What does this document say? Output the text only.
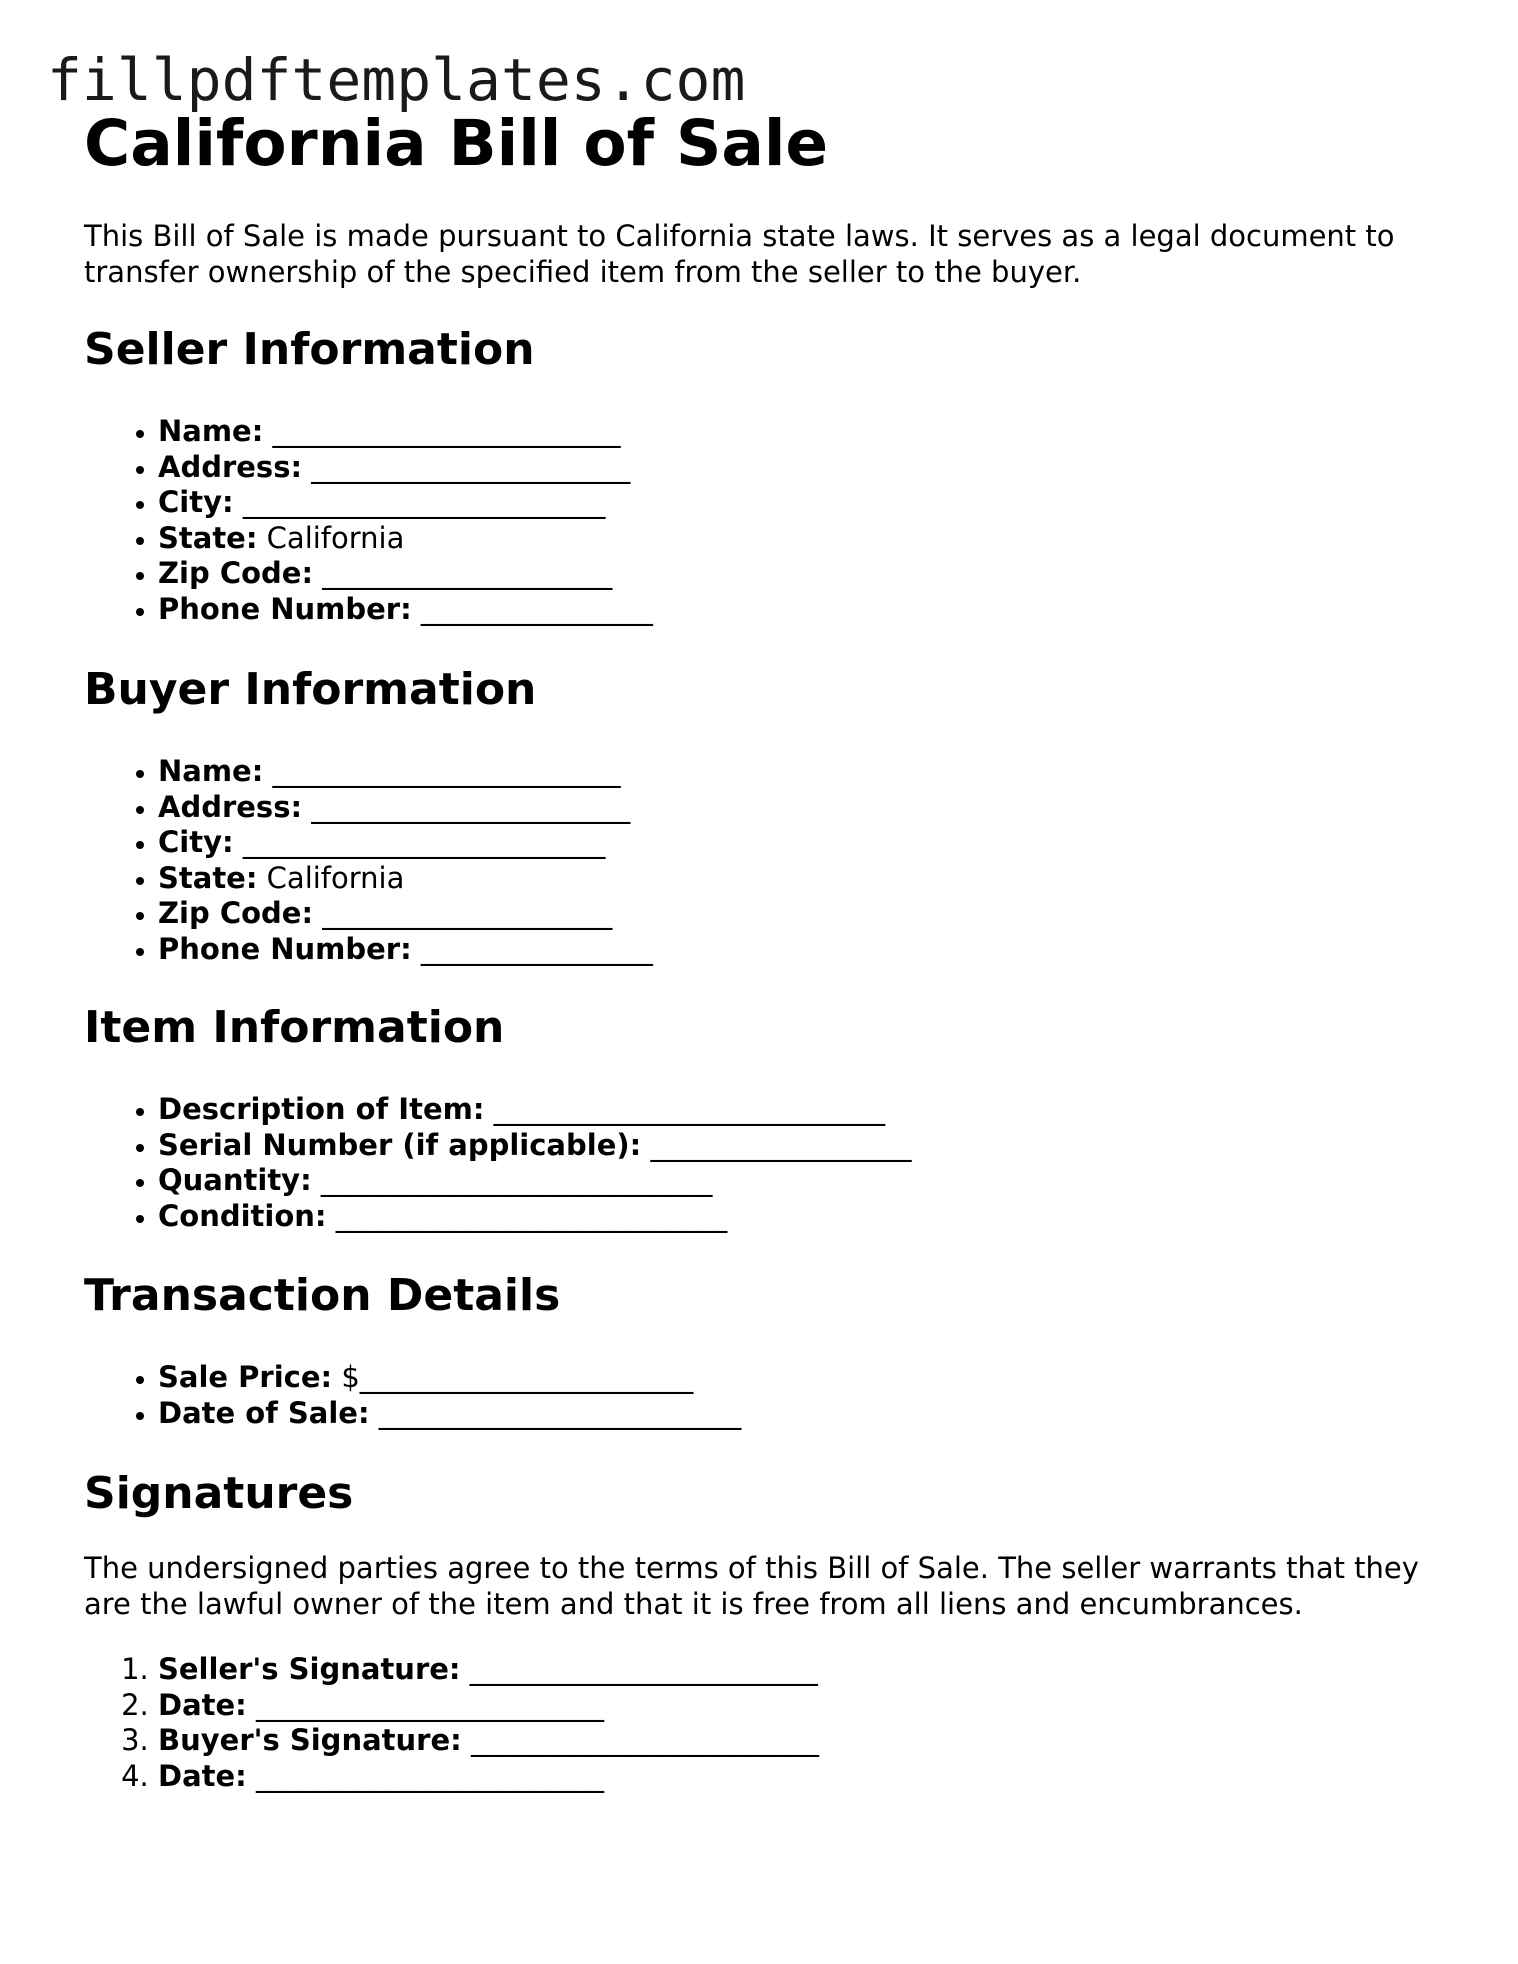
fillpdftemplates.com
California Bill of Sale

This Bill of Sale is made pursuant to California state laws. It serves as a legal document to transfer ownership of the specified item from the seller to the buyer.

Seller Information
• Name: ________________________
• Address: ______________________
• City: _________________________
• State: California
• Zip Code: ____________________
• Phone Number: ________________
Buyer Information
• Name: ________________________
• Address: ______________________
• City: _________________________
• State: California
• Zip Code: ____________________
• Phone Number: ________________
Item Information
• Description of Item: ___________________________
• Serial Number (if applicable): __________________
• Quantity: ___________________________
• Condition: ___________________________
Transaction Details
• Sale Price: $_______________________
• Date of Sale: _________________________
Signatures

The undersigned parties agree to the terms of this Bill of Sale. The seller warrants that they are the lawful owner of the item and that it is free from all liens and encumbrances.

1. Seller's Signature: ________________________
2. Date: ________________________
3. Buyer's Signature: ________________________
4. Date: ________________________
